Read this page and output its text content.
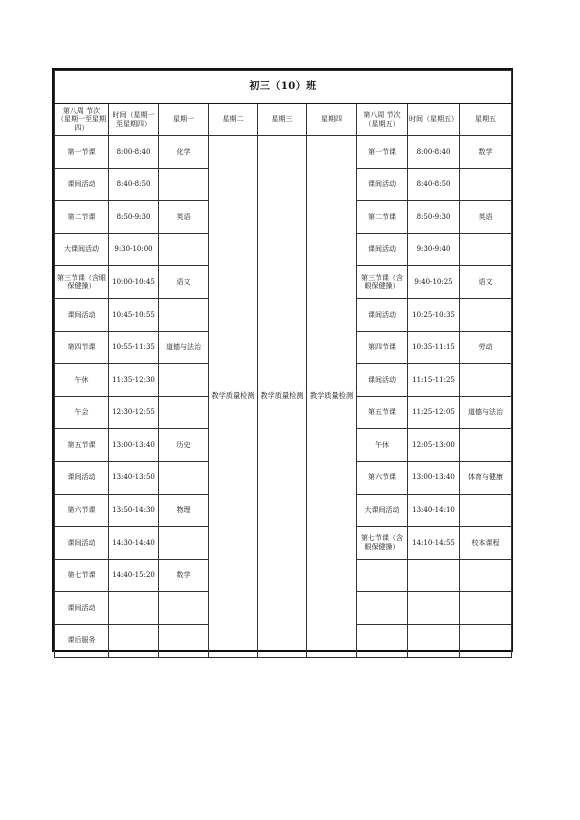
初三（10）班								
第八周 节次（星期一至星期四）	时间（星期一至星期四）	星期一	星期二	星期三	星期四	第八周 节次（星期五）	时间（星期五）	星期五
第一节课	8:00-8:40	化学	教学质量检测	教学质量检测	教学质量检测	第一节课	8:00-8:40	数学
课间活动	8:40-8:50					课间活动	8:40-8:50	
第二节课	8:50-9:30	英语				第二节课	8:50-9:30	英语
大课间活动	9:30-10:00					课间活动	9:30-9:40	
第三节课（含眼保健操）	10:00-10:45	语文				第三节课（含眼保健操）	9:40-10:25	语文
课间活动	10:45-10:55					课间活动	10:25-10:35	
第四节课	10:55-11:35	道德与法治				第四节课	10:35-11:15	劳动
午休	11:35-12:30					课间活动	11:15-11:25	
午会	12:30-12:55					第五节课	11:25-12:05	道德与法治
第五节课	13:00-13:40	历史				午休	12:05-13:00	
课间活动	13:40-13:50					第六节课	13:00-13:40	体育与健康
第六节课	13:50-14:30	物理				大课间活动	13:40-14:10	
课间活动	14:30-14:40					第七节课（含眼保健操）	14:10-14:55	校本课程
第七节课	14:40-15:20	数学						
课间活动								
课后服务								
